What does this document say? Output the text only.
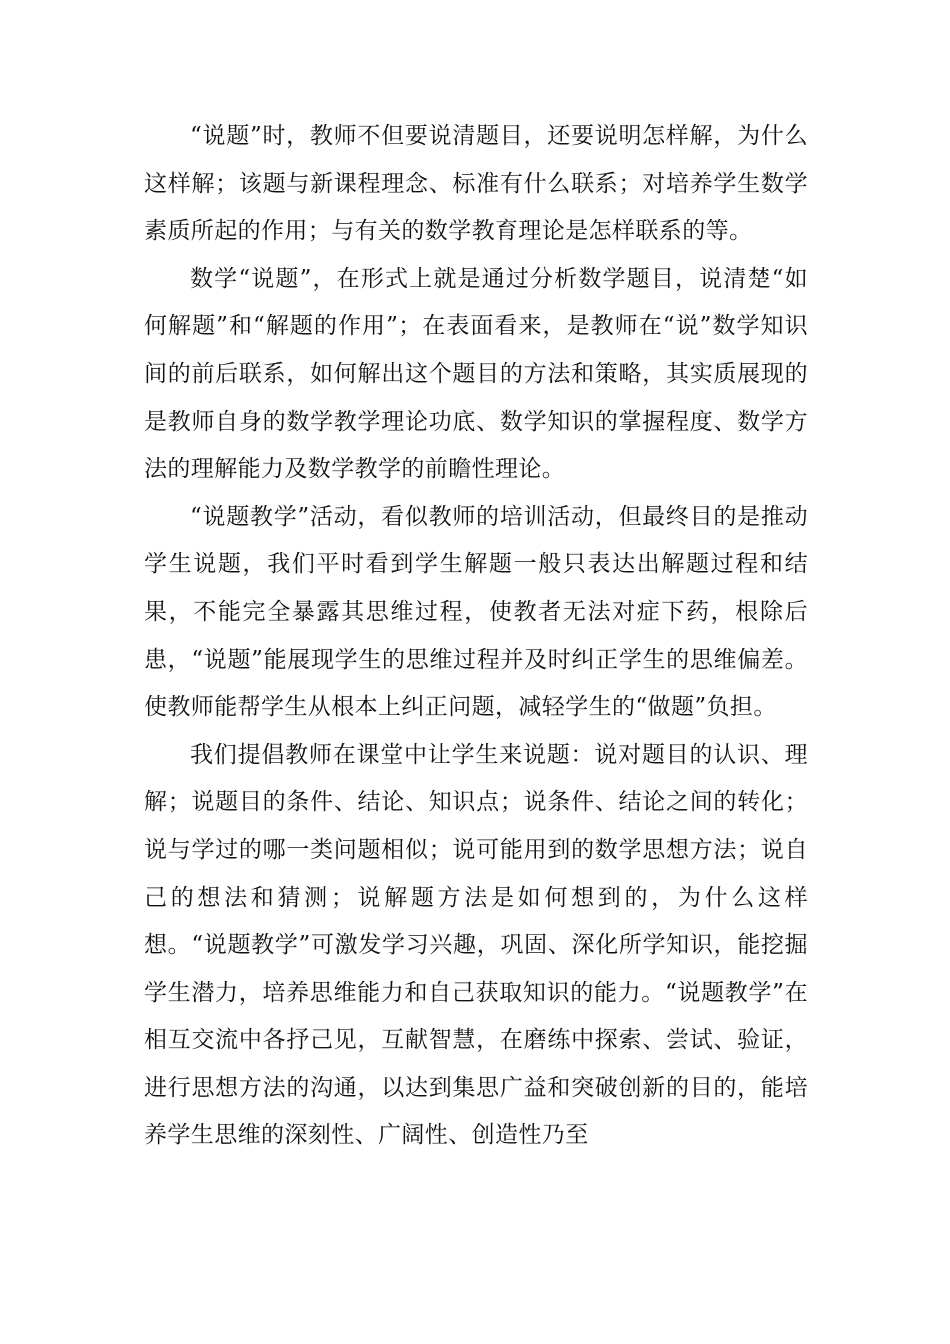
“说题”时，教师不但要说清题目，还要说明怎样解，为什么这样解；该题与新课程理念、标准有什么联系；对培养学生数学素质所起的作用；与有关的数学教育理论是怎样联系的等。

数学“说题”，在形式上就是通过分析数学题目，说清楚“如何解题”和“解题的作用”；在表面看来，是教师在“说”数学知识间的前后联系，如何解出这个题目的方法和策略，其实质展现的是教师自身的数学教学理论功底、数学知识的掌握程度、数学方法的理解能力及数学教学的前瞻性理论。

“说题教学”活动，看似教师的培训活动，但最终目的是推动学生说题，我们平时看到学生解题一般只表达出解题过程和结果，不能完全暴露其思维过程，使教者无法对症下药，根除后患，“说题”能展现学生的思维过程并及时纠正学生的思维偏差。使教师能帮学生从根本上纠正问题，减轻学生的“做题”负担。

我们提倡教师在课堂中让学生来说题：说对题目的认识、理解；说题目的条件、结论、知识点；说条件、结论之间的转化；说与学过的哪一类问题相似；说可能用到的数学思想方法；说自己的想法和猜测；说解题方法是如何想到的，为什么这样想。“说题教学”可激发学习兴趣，巩固、深化所学知识，能挖掘学生潜力，培养思维能力和自己获取知识的能力。“说题教学”在相互交流中各抒己见，互献智慧，在磨练中探索、尝试、验证，进行思想方法的沟通，以达到集思广益和突破创新的目的，能培养学生思维的深刻性、广阔性、创造性乃至
